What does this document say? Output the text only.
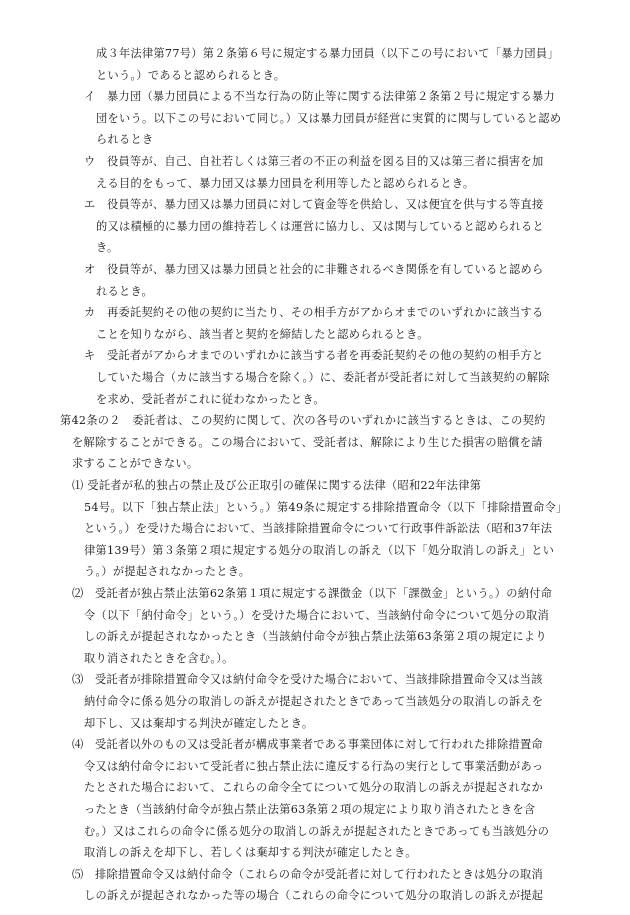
成３年法律第77号）第２条第６号に規定する暴力団員（以下この号において「暴力団員」
という。）であると認められるとき。
イ　暴力団（暴力団員による不当な行為の防止等に関する法律第２条第２号に規定する暴力
団をいう。以下この号において同じ。）又は暴力団員が経営に実質的に関与していると認め
られるとき
ウ　役員等が、自己、自社若しくは第三者の不正の利益を図る目的又は第三者に損害を加
える目的をもって、暴力団又は暴力団員を利用等したと認められるとき。
エ　役員等が、暴力団又は暴力団員に対して資金等を供給し、又は便宜を供与する等直接
的又は積極的に暴力団の維持若しくは運営に協力し、又は関与していると認められると
き。
オ　役員等が、暴力団又は暴力団員と社会的に非難されるべき関係を有していると認めら
れるとき。
カ　再委託契約その他の契約に当たり、その相手方がアからオまでのいずれかに該当する
ことを知りながら、該当者と契約を締結したと認められるとき。
キ　受託者がアからオまでのいずれかに該当する者を再委託契約その他の契約の相手方と
していた場合（カに該当する場合を除く。）に、委託者が受託者に対して当該契約の解除
を求め、受託者がこれに従わなかったとき。
第42条の２　委託者は、この契約に関して、次の各号のいずれかに該当するときは、この契約
を解除することができる。この場合において、受託者は、解除により生じた損害の賠償を請
求することができない。
⑴ 受託者が私的独占の禁止及び公正取引の確保に関する法律（昭和22年法律第
54号。以下「独占禁止法」という。）第49条に規定する排除措置命令（以下「排除措置命令」
という。）を受けた場合において、当該排除措置命令について行政事件訴訟法（昭和37年法
律第139号）第３条第２項に規定する処分の取消しの訴え（以下「処分取消しの訴え」とい
う。）が提起されなかったとき。
⑵　受託者が独占禁止法第62条第１項に規定する課徴金（以下「課徴金」という。）の納付命
令（以下「納付命令」という。）を受けた場合において、当該納付命令について処分の取消
しの訴えが提起されなかったとき（当該納付命令が独占禁止法第63条第２項の規定により
取り消されたときを含む。）。
⑶　受託者が排除措置命令又は納付命令を受けた場合において、当該排除措置命令又は当該
納付命令に係る処分の取消しの訴えが提起されたときであって当該処分の取消しの訴えを
却下し、又は棄却する判決が確定したとき。
⑷　受託者以外のもの又は受託者が構成事業者である事業団体に対して行われた排除措置命
令又は納付命令において受託者に独占禁止法に違反する行為の実行として事業活動があっ
たとされた場合において、これらの命令全てについて処分の取消しの訴えが提起されなか
ったとき（当該納付命令が独占禁止法第63条第２項の規定により取り消されたときを含
む。）又はこれらの命令に係る処分の取消しの訴えが提起されたときであっても当該処分の
取消しの訴えを却下し、若しくは棄却する判決が確定したとき。
⑸　排除措置命令又は納付命令（これらの命令が受託者に対して行われたときは処分の取消
しの訴えが提起されなかった等の場合（これらの命令について処分の取消しの訴えが提起
